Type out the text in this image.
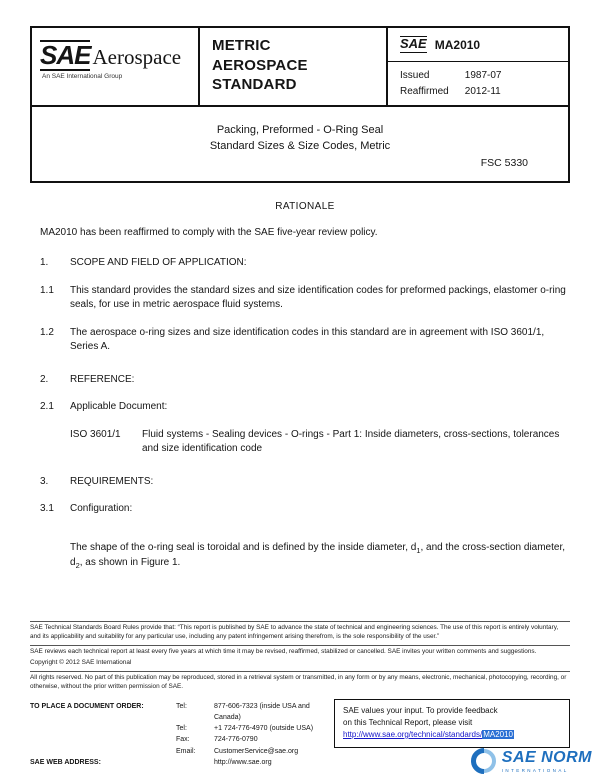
SAE Aerospace
An SAE International Group
METRIC
AEROSPACE
STANDARD
SAE MA2010
Issued	1987-07
Reaffirmed 2012-11
Packing, Preformed - O-Ring Seal
Standard Sizes & Size Codes, Metric
FSC 5330
RATIONALE
MA2010 has been reaffirmed to comply with the SAE five-year review policy.
1.	SCOPE AND FIELD OF APPLICATION:
1.1	This standard provides the standard sizes and size identification codes for preformed packings, elastomer o-ring seals, for use in metric aerospace fluid systems.
1.2	The aerospace o-ring sizes and size identification codes in this standard are in agreement with ISO 3601/1, Series A.
2.	REFERENCE:
2.1	Applicable Document:
ISO 3601/1	Fluid systems - Sealing devices - O-rings - Part 1: Inside diameters, cross-sections, tolerances and size identification code
3.	REQUIREMENTS:
3.1	Configuration:
The shape of the o-ring seal is toroidal and is defined by the inside diameter, $d_1$, and the cross-section diameter, $d_2$, as shown in Figure 1.
SAE Technical Standards Board Rules provide that: “This report is published by SAE to advance the state of technical and engineering sciences. The use of this report is entirely voluntary, and its applicability and suitability for any particular use, including any patent infringement arising therefrom, is the sole responsibility of the user.”
SAE reviews each technical report at least every five years at which time it may be revised, reaffirmed, stabilized or cancelled. SAE invites your written comments and suggestions.
Copyright © 2012 SAE International
All rights reserved. No part of this publication may be reproduced, stored in a retrieval system or transmitted, in any form or by any means, electronic, mechanical, photocopying, recording, or otherwise, without the prior written permission of SAE.
TO PLACE A DOCUMENT ORDER:	Tel:	877-606-7323 (inside USA and Canada)
Tel:	+1 724-776-4970 (outside USA)
Fax:	724-776-0790
Email:	CustomerService@sae.org
SAE WEB ADDRESS:	http://www.sae.org
SAE values your input. To provide feedback
on this Technical Report, please visit
http://www.sae.org/technical/standards/MA2010
SAE NORM
INTERNATIONAL
